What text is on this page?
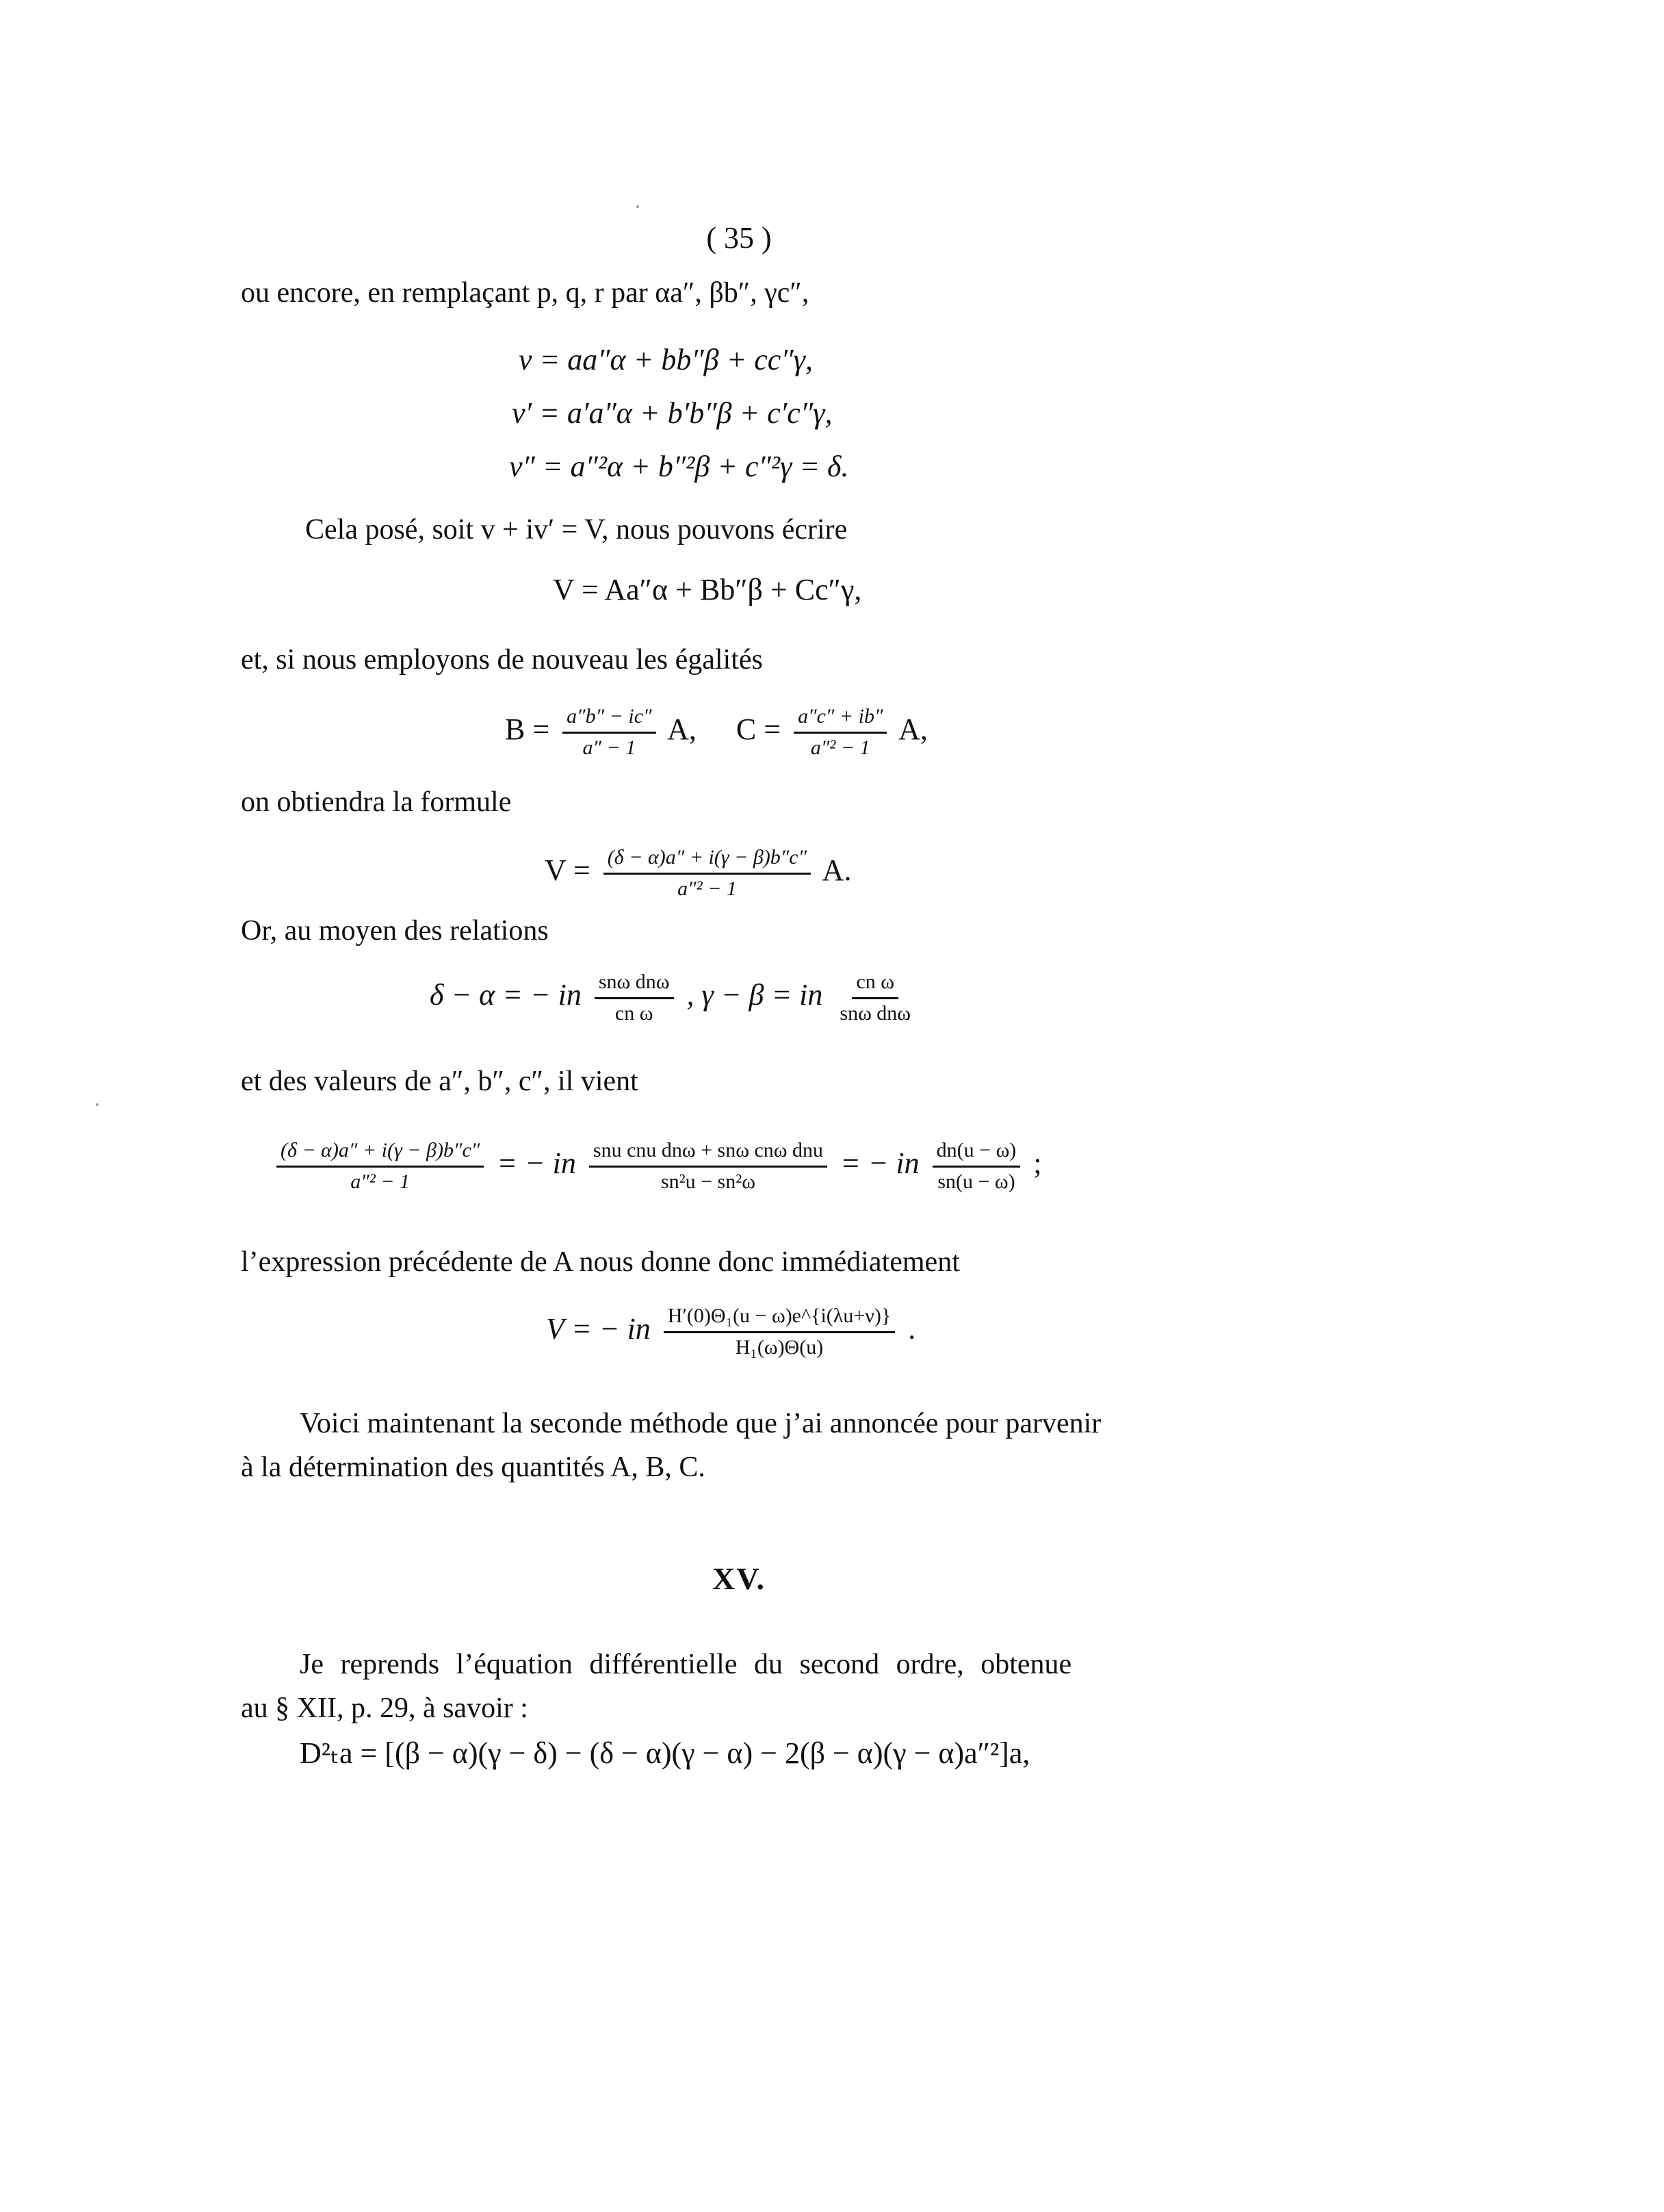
( 35 )
ou encore, en remplaçant p, q, r par αa″, βb″, γc″,
v = aa″α + bb″β + cc″γ,
v′ = a′a″α + b′b″β + c′c″γ,
v″ = a″²α + b″²β + c″²γ = δ.
Cela posé, soit v + iv′ = V, nous pouvons écrire
V = Aa″α + Bb″β + Cc″γ,
et, si nous employons de nouveau les égalités
$B = \frac{a''b'' - ic''}{a'' - 1} A$, $C = \frac{a''c'' + ib''}{\text{a″² − 1}} A$,
on obtiendra la formule
$V = \frac{(\delta - \alpha)a'' + i(\gamma - \beta)b''c''}{\text{a″² − 1}} A$.
Or, au moyen des relations
δ − α = − in $\frac{\text{snω dnω}}{\text{cn ω}}$ , γ − β = in $\frac{\text{cn ω}}{\text{snω dnω}}$
et des valeurs de a″, b″, c″, il vient
$\frac{(\delta - \alpha)a'' + i(\gamma - \beta)b''c''}{\text{a″² − 1}}$ = − in $\frac{\text{snu cnu dnω + snω cnω dnu}}{\text{sn²u − sn²ω}}$ = − in $\frac{dn(u - \omega)}{sn(u - \omega)}$ ;
l’expression précédente de A nous donne donc immédiatement
V = − in $\frac{\text{H′(0)Θ₁(u − ω)e\textasciicircum{}\{i(λu+ν)\}}}{\text{H₁(ω)Θ(u)}}$ .
Voici maintenant la seconde méthode que j’ai annoncée pour parvenir
à la détermination des quantités A, B, C.
XV.
Je reprends l’équation différentielle du second ordre, obtenue
au § XII, p. 29, à savoir :
D²ₜa = [(β − α)(γ − δ) − (δ − α)(γ − α) − 2(β − α)(γ − α)a″²]a,
